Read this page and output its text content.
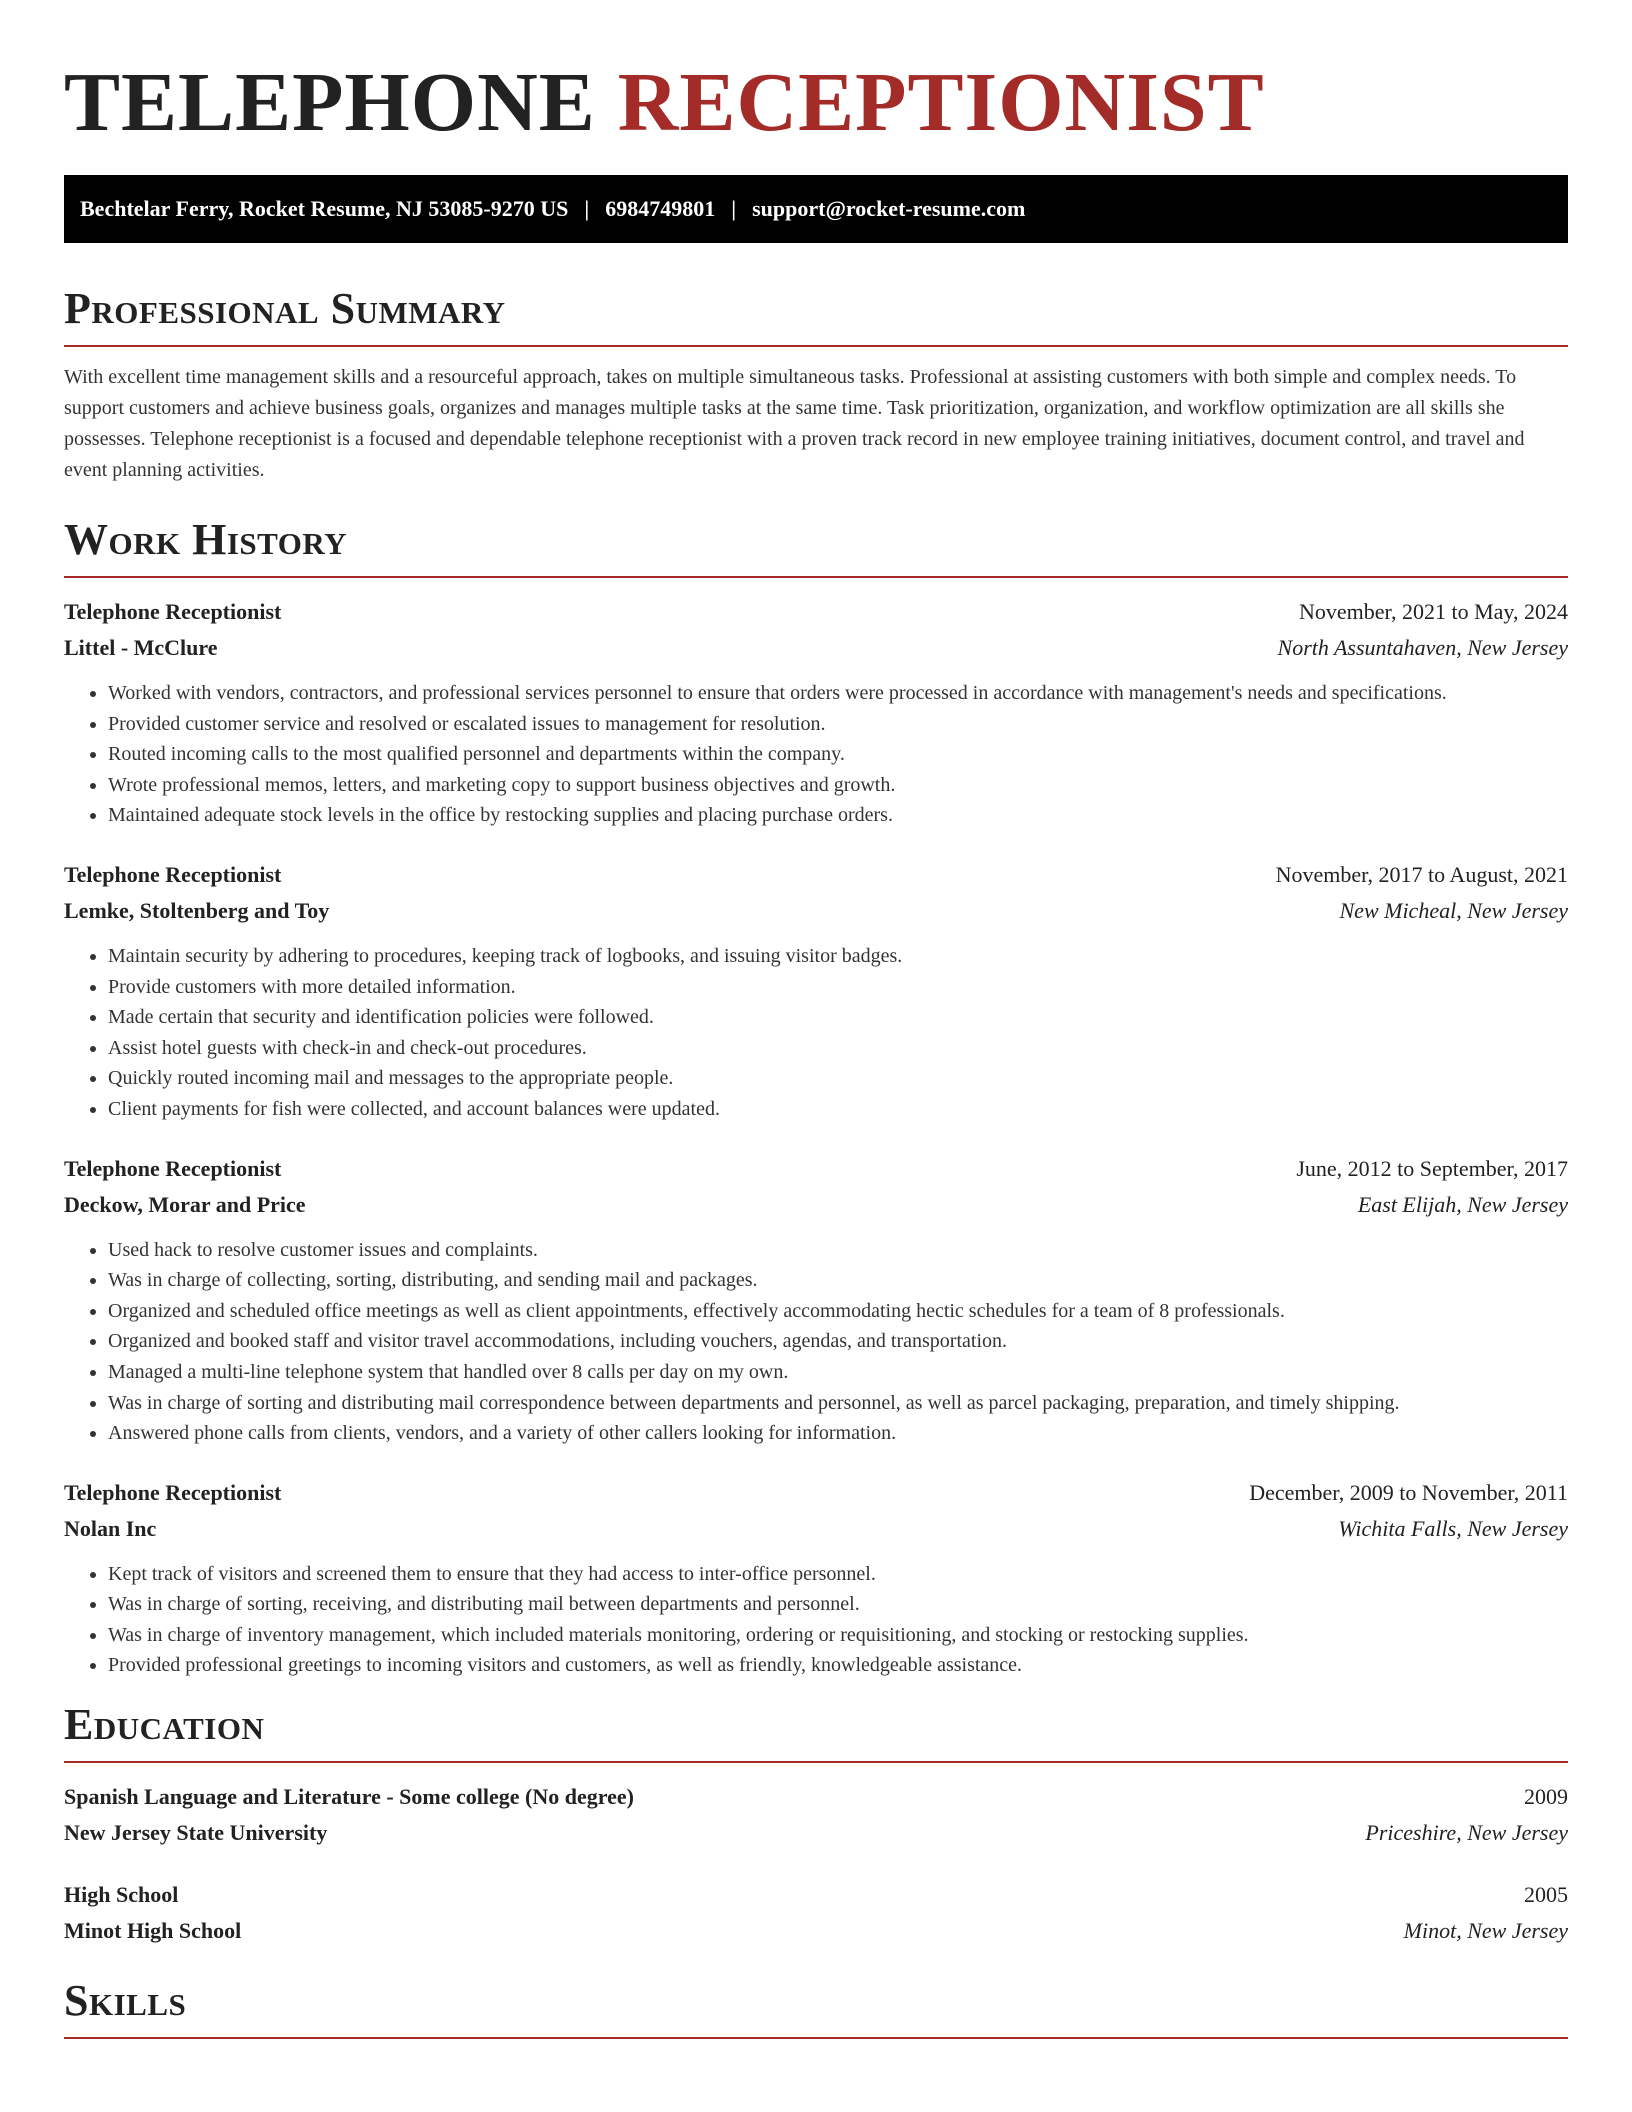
TELEPHONE RECEPTIONIST
Bechtelar Ferry, Rocket Resume, NJ 53085-9270 US | 6984749801 | support@rocket-resume.com
Professional Summary

With excellent time management skills and a resourceful approach, takes on multiple simultaneous tasks. Professional at assisting customers with both simple and complex needs. To support customers and achieve business goals, organizes and manages multiple tasks at the same time. Task prioritization, organization, and workflow optimization are all skills she possesses. Telephone receptionist is a focused and dependable telephone receptionist with a proven track record in new employee training initiatives, document control, and travel and event planning activities.

Work History
Telephone Receptionist	November, 2021 to May, 2024
Littel - McClure	North Assuntahaven, New Jersey
• Worked with vendors, contractors, and professional services personnel to ensure that orders were processed in accordance with management's needs and specifications.
• Provided customer service and resolved or escalated issues to management for resolution.
• Routed incoming calls to the most qualified personnel and departments within the company.
• Wrote professional memos, letters, and marketing copy to support business objectives and growth.
• Maintained adequate stock levels in the office by restocking supplies and placing purchase orders.
Telephone Receptionist	November, 2017 to August, 2021
Lemke, Stoltenberg and Toy	New Micheal, New Jersey
• Maintain security by adhering to procedures, keeping track of logbooks, and issuing visitor badges.
• Provide customers with more detailed information.
• Made certain that security and identification policies were followed.
• Assist hotel guests with check-in and check-out procedures.
• Quickly routed incoming mail and messages to the appropriate people.
• Client payments for fish were collected, and account balances were updated.
Telephone Receptionist	June, 2012 to September, 2017
Deckow, Morar and Price	East Elijah, New Jersey
• Used hack to resolve customer issues and complaints.
• Was in charge of collecting, sorting, distributing, and sending mail and packages.
• Organized and scheduled office meetings as well as client appointments, effectively accommodating hectic schedules for a team of 8 professionals.
• Organized and booked staff and visitor travel accommodations, including vouchers, agendas, and transportation.
• Managed a multi-line telephone system that handled over 8 calls per day on my own.
• Was in charge of sorting and distributing mail correspondence between departments and personnel, as well as parcel packaging, preparation, and timely shipping.
• Answered phone calls from clients, vendors, and a variety of other callers looking for information.
Telephone Receptionist	December, 2009 to November, 2011
Nolan Inc	Wichita Falls, New Jersey
• Kept track of visitors and screened them to ensure that they had access to inter-office personnel.
• Was in charge of sorting, receiving, and distributing mail between departments and personnel.
• Was in charge of inventory management, which included materials monitoring, ordering or requisitioning, and stocking or restocking supplies.
• Provided professional greetings to incoming visitors and customers, as well as friendly, knowledgeable assistance.
Education
Spanish Language and Literature - Some college (No degree)	2009
New Jersey State University	Priceshire, New Jersey
High School	2005
Minot High School	Minot, New Jersey
Skills
